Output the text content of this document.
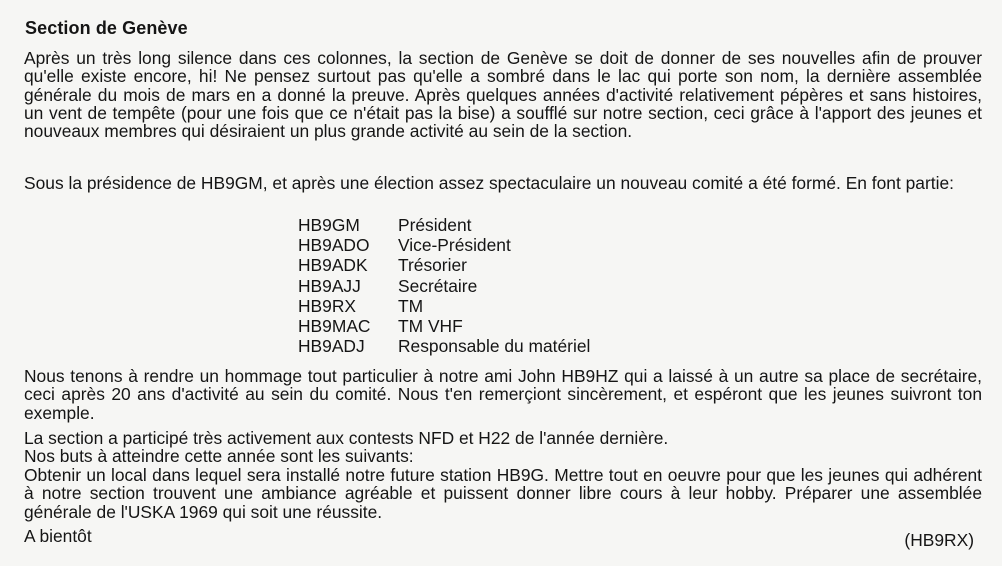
Section de Genève

Après un très long silence dans ces colonnes, la section de Genève se doit de donner de ses nouvelles afin de prouver qu'elle existe encore, hi! Ne pensez surtout pas qu'elle a sombré dans le lac qui porte son nom, la dernière assemblée générale du mois de mars en a donné la preuve. Après quelques années d'activité relativement pépères et sans histoires, un vent de tempête (pour une fois que ce n'était pas la bise) a soufflé sur notre section, ceci grâce à l'apport des jeunes et nouveaux membres qui désiraient un plus grande activité au sein de la section.

Sous la présidence de HB9GM, et après une élection assez spectaculaire un nouveau comité a été formé. En font partie:

HB9GM	Président
HB9ADO	Vice-Président
HB9ADK	Trésorier
HB9AJJ	Secrétaire
HB9RX	TM
HB9MAC	TM VHF
HB9ADJ	Responsable du matériel

Nous tenons à rendre un hommage tout particulier à notre ami John HB9HZ qui a laissé à un autre sa place de secrétaire, ceci après 20 ans d'activité au sein du comité. Nous t'en remerçiont sincèrement, et espéront que les jeunes suivront ton exemple.

La section a participé très activement aux contests NFD et H22 de l'année dernière.

Nos buts à atteindre cette année sont les suivants:

Obtenir un local dans lequel sera installé notre future station HB9G. Mettre tout en oeuvre pour que les jeunes qui adhérent à notre section trouvent une ambiance agréable et puissent donner libre cours à leur hobby. Préparer une assemblée générale de l'USKA 1969 qui soit une réussite.

A bientôt	(HB9RX)
